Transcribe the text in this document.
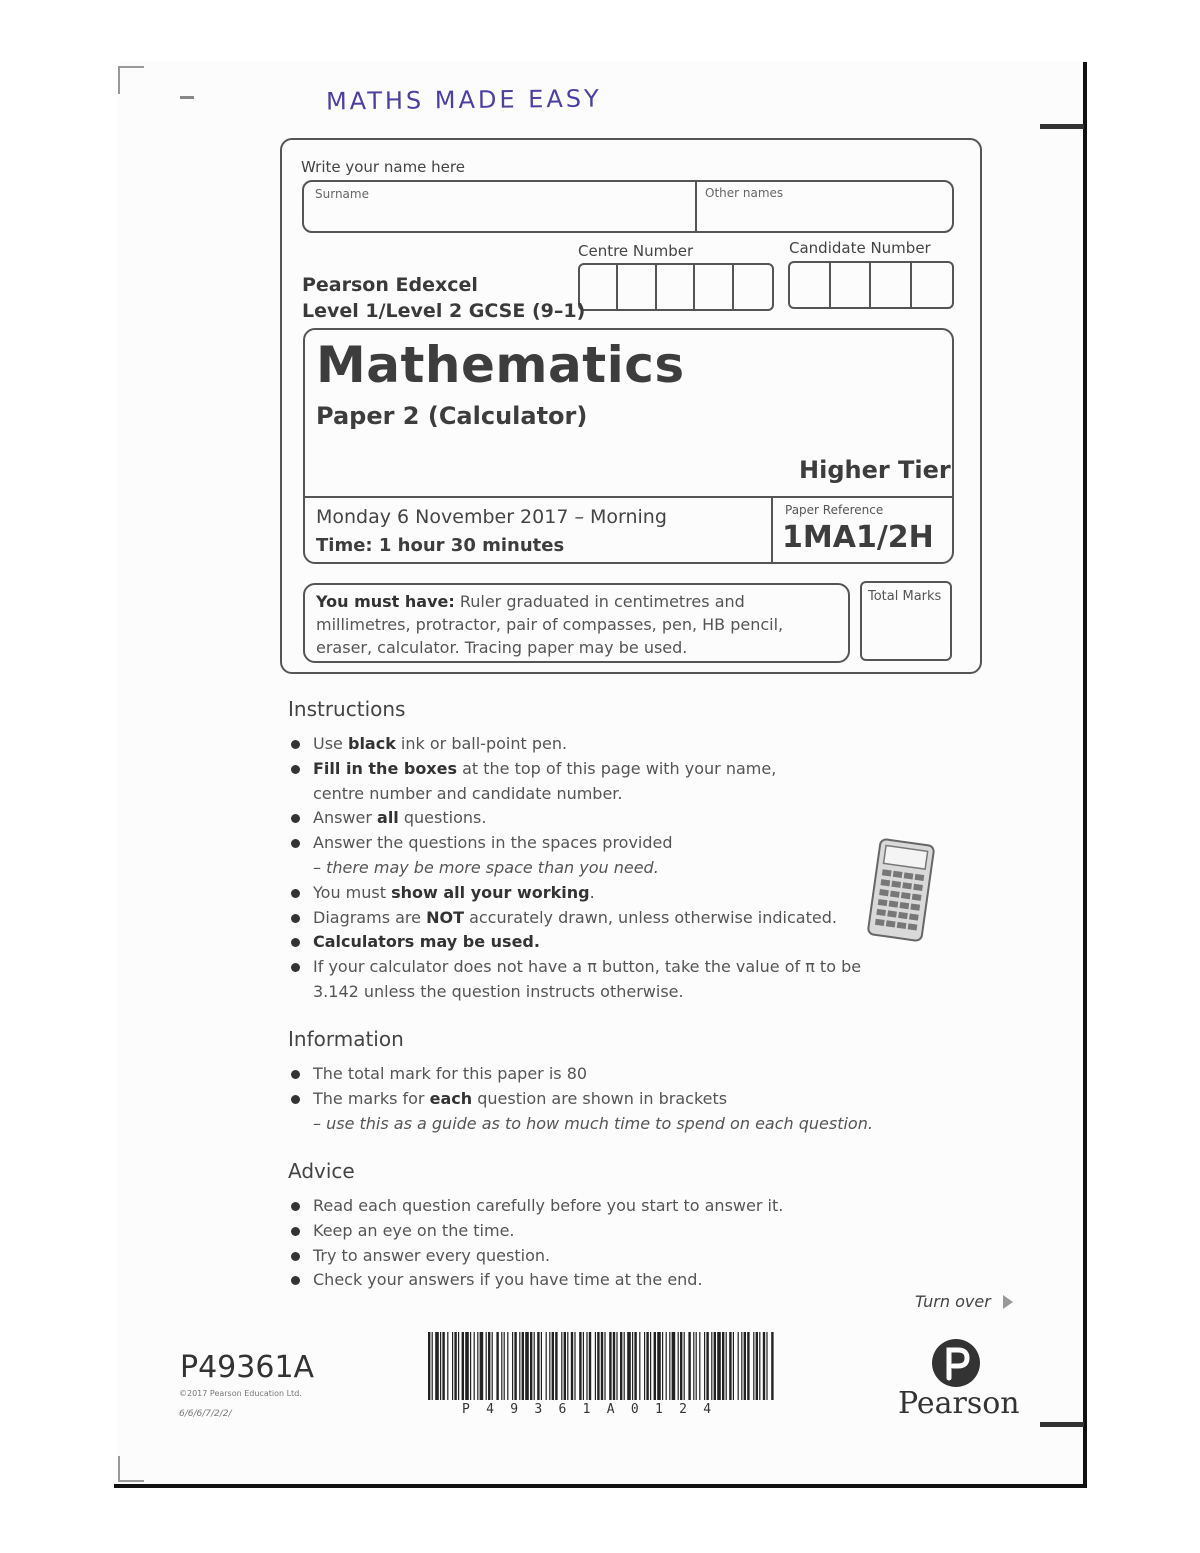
MATHS MADE EASY
Write your name here
Surname	Other names
Centre Number	Candidate Number
Pearson Edexcel
Level 1/Level 2 GCSE (9–1)
Mathematics
Paper 2 (Calculator)
Higher Tier
Monday 6 November 2017 – Morning
Time: 1 hour 30 minutes
Paper Reference
1MA1/2H
You must have: Ruler graduated in centimetres and millimetres, protractor, pair of compasses, pen, HB pencil, eraser, calculator. Tracing paper may be used.
Total Marks
Instructions
Use black ink or ball-point pen.
Fill in the boxes at the top of this page with your name,
centre number and candidate number.
Answer all questions.
Answer the questions in the spaces provided
– there may be more space than you need.
You must show all your working.
Diagrams are NOT accurately drawn, unless otherwise indicated.
Calculators may be used.
If your calculator does not have a π button, take the value of π to be
3.142 unless the question instructs otherwise.
Information
The total mark for this paper is 80
The marks for each question are shown in brackets
– use this as a guide as to how much time to spend on each question.
Advice
Read each question carefully before you start to answer it.
Keep an eye on the time.
Try to answer every question.
Check your answers if you have time at the end.
Turn over
P49361A
©2017 Pearson Education Ltd.
6/6/6/7/2/2/	P49361A0124	Pearson
